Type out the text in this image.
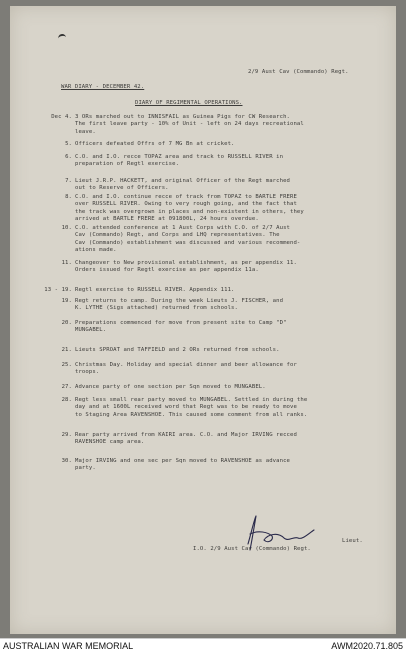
2/9 Aust Cav (Commando) Regt.
WAR DIARY - DECEMBER 42.
DIARY OF REGIMENTAL OPERATIONS.
Dec 4. 3 ORs marched out to INNISFAIL as Guinea Pigs for CW Research.
The first leave party - 10% of Unit - left on 24 days recreational
leave.
5. Officers defeated Offrs of 7 MG Bn at cricket.
6. C.O. and I.O. recce TOPAZ area and track to RUSSELL RIVER in
preparation of Regtl exercise.
7. Lieut J.R.P. HACKETT, and original Officer of the Regt marched
out to Reserve of Officers.
8. C.O. and I.O. continue recce of track from TOPAZ to BARTLE FRERE
over RUSSELL RIVER. Owing to very rough going, and the fact that
the track was overgrown in places and non-existent in others, they
arrived at BARTLE FRERE at 091800L, 24 hours overdue.
10. C.O. attended conference at 1 Aust Corps with C.O. of 2/7 Aust
Cav (Commando) Regt, and Corps and LHQ representatives. The
Cav (Commando) establishment was discussed and various recommend-
ations made.
11. Changeover to New provisional establishment, as per appendix 11.
Orders issued for Regtl exercise as per appendix 11a.
13 - 19. Regtl exercise to RUSSELL RIVER. Appendix 111.
19. Regt returns to camp. During the week Lieuts J. FISCHER, and
K. LYTHE (Sigs attached) returned from schools.
20. Preparations commenced for move from present site to Camp "D"
MUNGABEL.
21. Lieuts SPROAT and TAFFIELD and 2 ORs returned from schools.
25. Christmas Day. Holiday and special dinner and beer allowance for
troops.
27. Advance party of one section per Sqn moved to MUNGABEL.
28. Regt less small rear party moved to MUNGABEL. Settled in during the
day and at 1600L received word that Regt was to be ready to move
to Staging Area RAVENSHOE. This caused some comment from all ranks.
29. Rear party arrived from KAIRI area. C.O. and Major IRVING recced
RAVENSHOE camp area.
30. Major IRVING and one sec per Sqn moved to RAVENSHOE as advance
party.
Lieut.
I.O. 2/9 Aust Cav (Commando) Regt.
AUSTRALIAN WAR MEMORIAL	AWM2020.71.805
